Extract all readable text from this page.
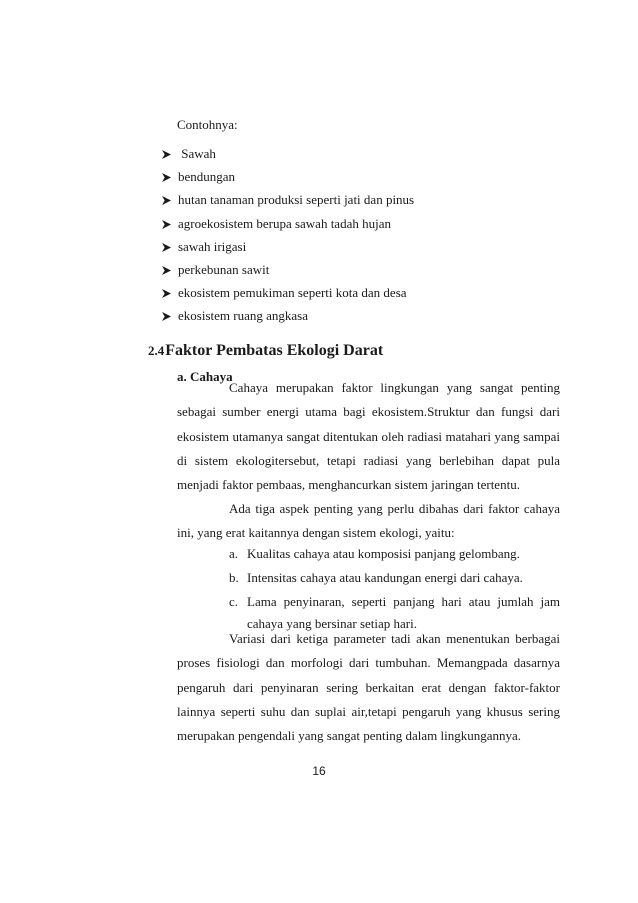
Contohnya:
Sawah
bendungan
hutan tanaman produksi seperti jati dan pinus
agroekosistem berupa sawah tadah hujan
sawah irigasi
perkebunan sawit
ekosistem pemukiman seperti kota dan desa
ekosistem ruang angkasa
2.4Faktor Pembatas Ekologi Darat
a. Cahaya

Cahaya merupakan faktor lingkungan yang sangat penting sebagai sumber energi utama bagi ekosistem.Struktur dan fungsi dari ekosistem utamanya sangat ditentukan oleh radiasi matahari yang sampai di sistem ekologitersebut, tetapi radiasi yang berlebihan dapat pula menjadi faktor pembaas, menghancurkan sistem jaringan tertentu.

Ada tiga aspek penting yang perlu dibahas dari faktor cahaya ini, yang erat kaitannya dengan sistem ekologi, yaitu:

a. Kualitas cahaya atau komposisi panjang gelombang.
b. Intensitas cahaya atau kandungan energi dari cahaya.
c. Lama penyinaran, seperti panjang hari atau jumlah jam cahaya yang bersinar setiap hari.

Variasi dari ketiga parameter tadi akan menentukan berbagai proses fisiologi dan morfologi dari tumbuhan. Memangpada dasarnya pengaruh dari penyinaran sering berkaitan erat dengan faktor-faktor lainnya seperti suhu dan suplai air,tetapi pengaruh yang khusus sering merupakan pengendali yang sangat penting dalam lingkungannya.

16
